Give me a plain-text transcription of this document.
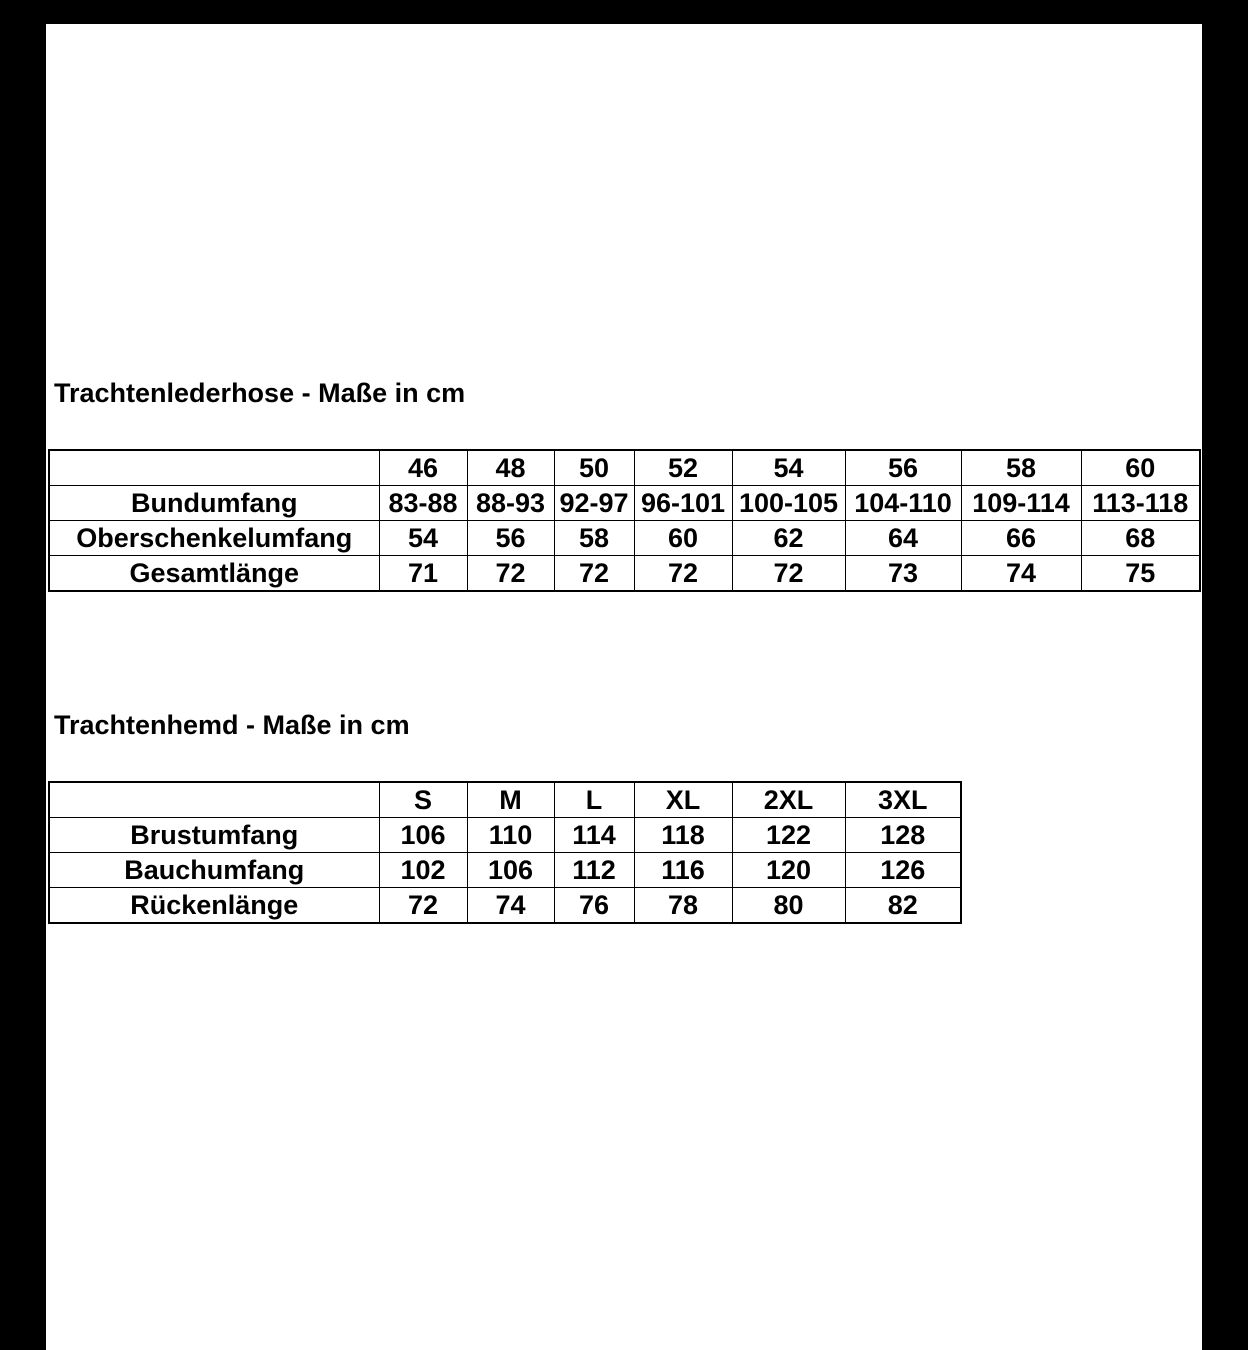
Trachtenlederhose - Maße in cm
	46	48	50	52	54	56	58	60
Bundumfang	83-88	88-93	92-97	96-101	100-105	104-110	109-114	113-118
Oberschenkelumfang	54	56	58	60	62	64	66	68
Gesamtlänge	71	72	72	72	72	73	74	75
Trachtenhemd - Maße in cm
	S	M	L	XL	2XL	3XL
Brustumfang	106	110	114	118	122	128
Bauchumfang	102	106	112	116	120	126
Rückenlänge	72	74	76	78	80	82
